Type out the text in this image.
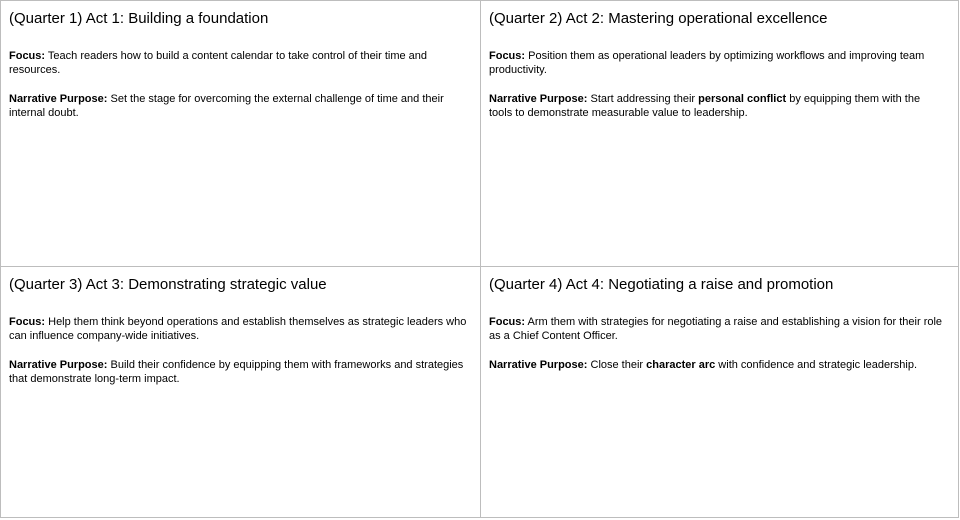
(Quarter 1) Act 1: Building a foundation
Focus: Teach readers how to build a content calendar to take control of their time and resources.
Narrative Purpose: Set the stage for overcoming the external challenge of time and their internal doubt.
(Quarter 2) Act 2: Mastering operational excellence
Focus: Position them as operational leaders by optimizing workflows and improving team productivity.
Narrative Purpose: Start addressing their personal conflict by equipping them with the tools to demonstrate measurable value to leadership.
(Quarter 3) Act 3: Demonstrating strategic value
Focus: Help them think beyond operations and establish themselves as strategic leaders who can influence company-wide initiatives.
Narrative Purpose: Build their confidence by equipping them with frameworks and strategies that demonstrate long-term impact.
(Quarter 4) Act 4: Negotiating a raise and promotion
Focus: Arm them with strategies for negotiating a raise and establishing a vision for their role as a Chief Content Officer.
Narrative Purpose: Close their character arc with confidence and strategic leadership.
